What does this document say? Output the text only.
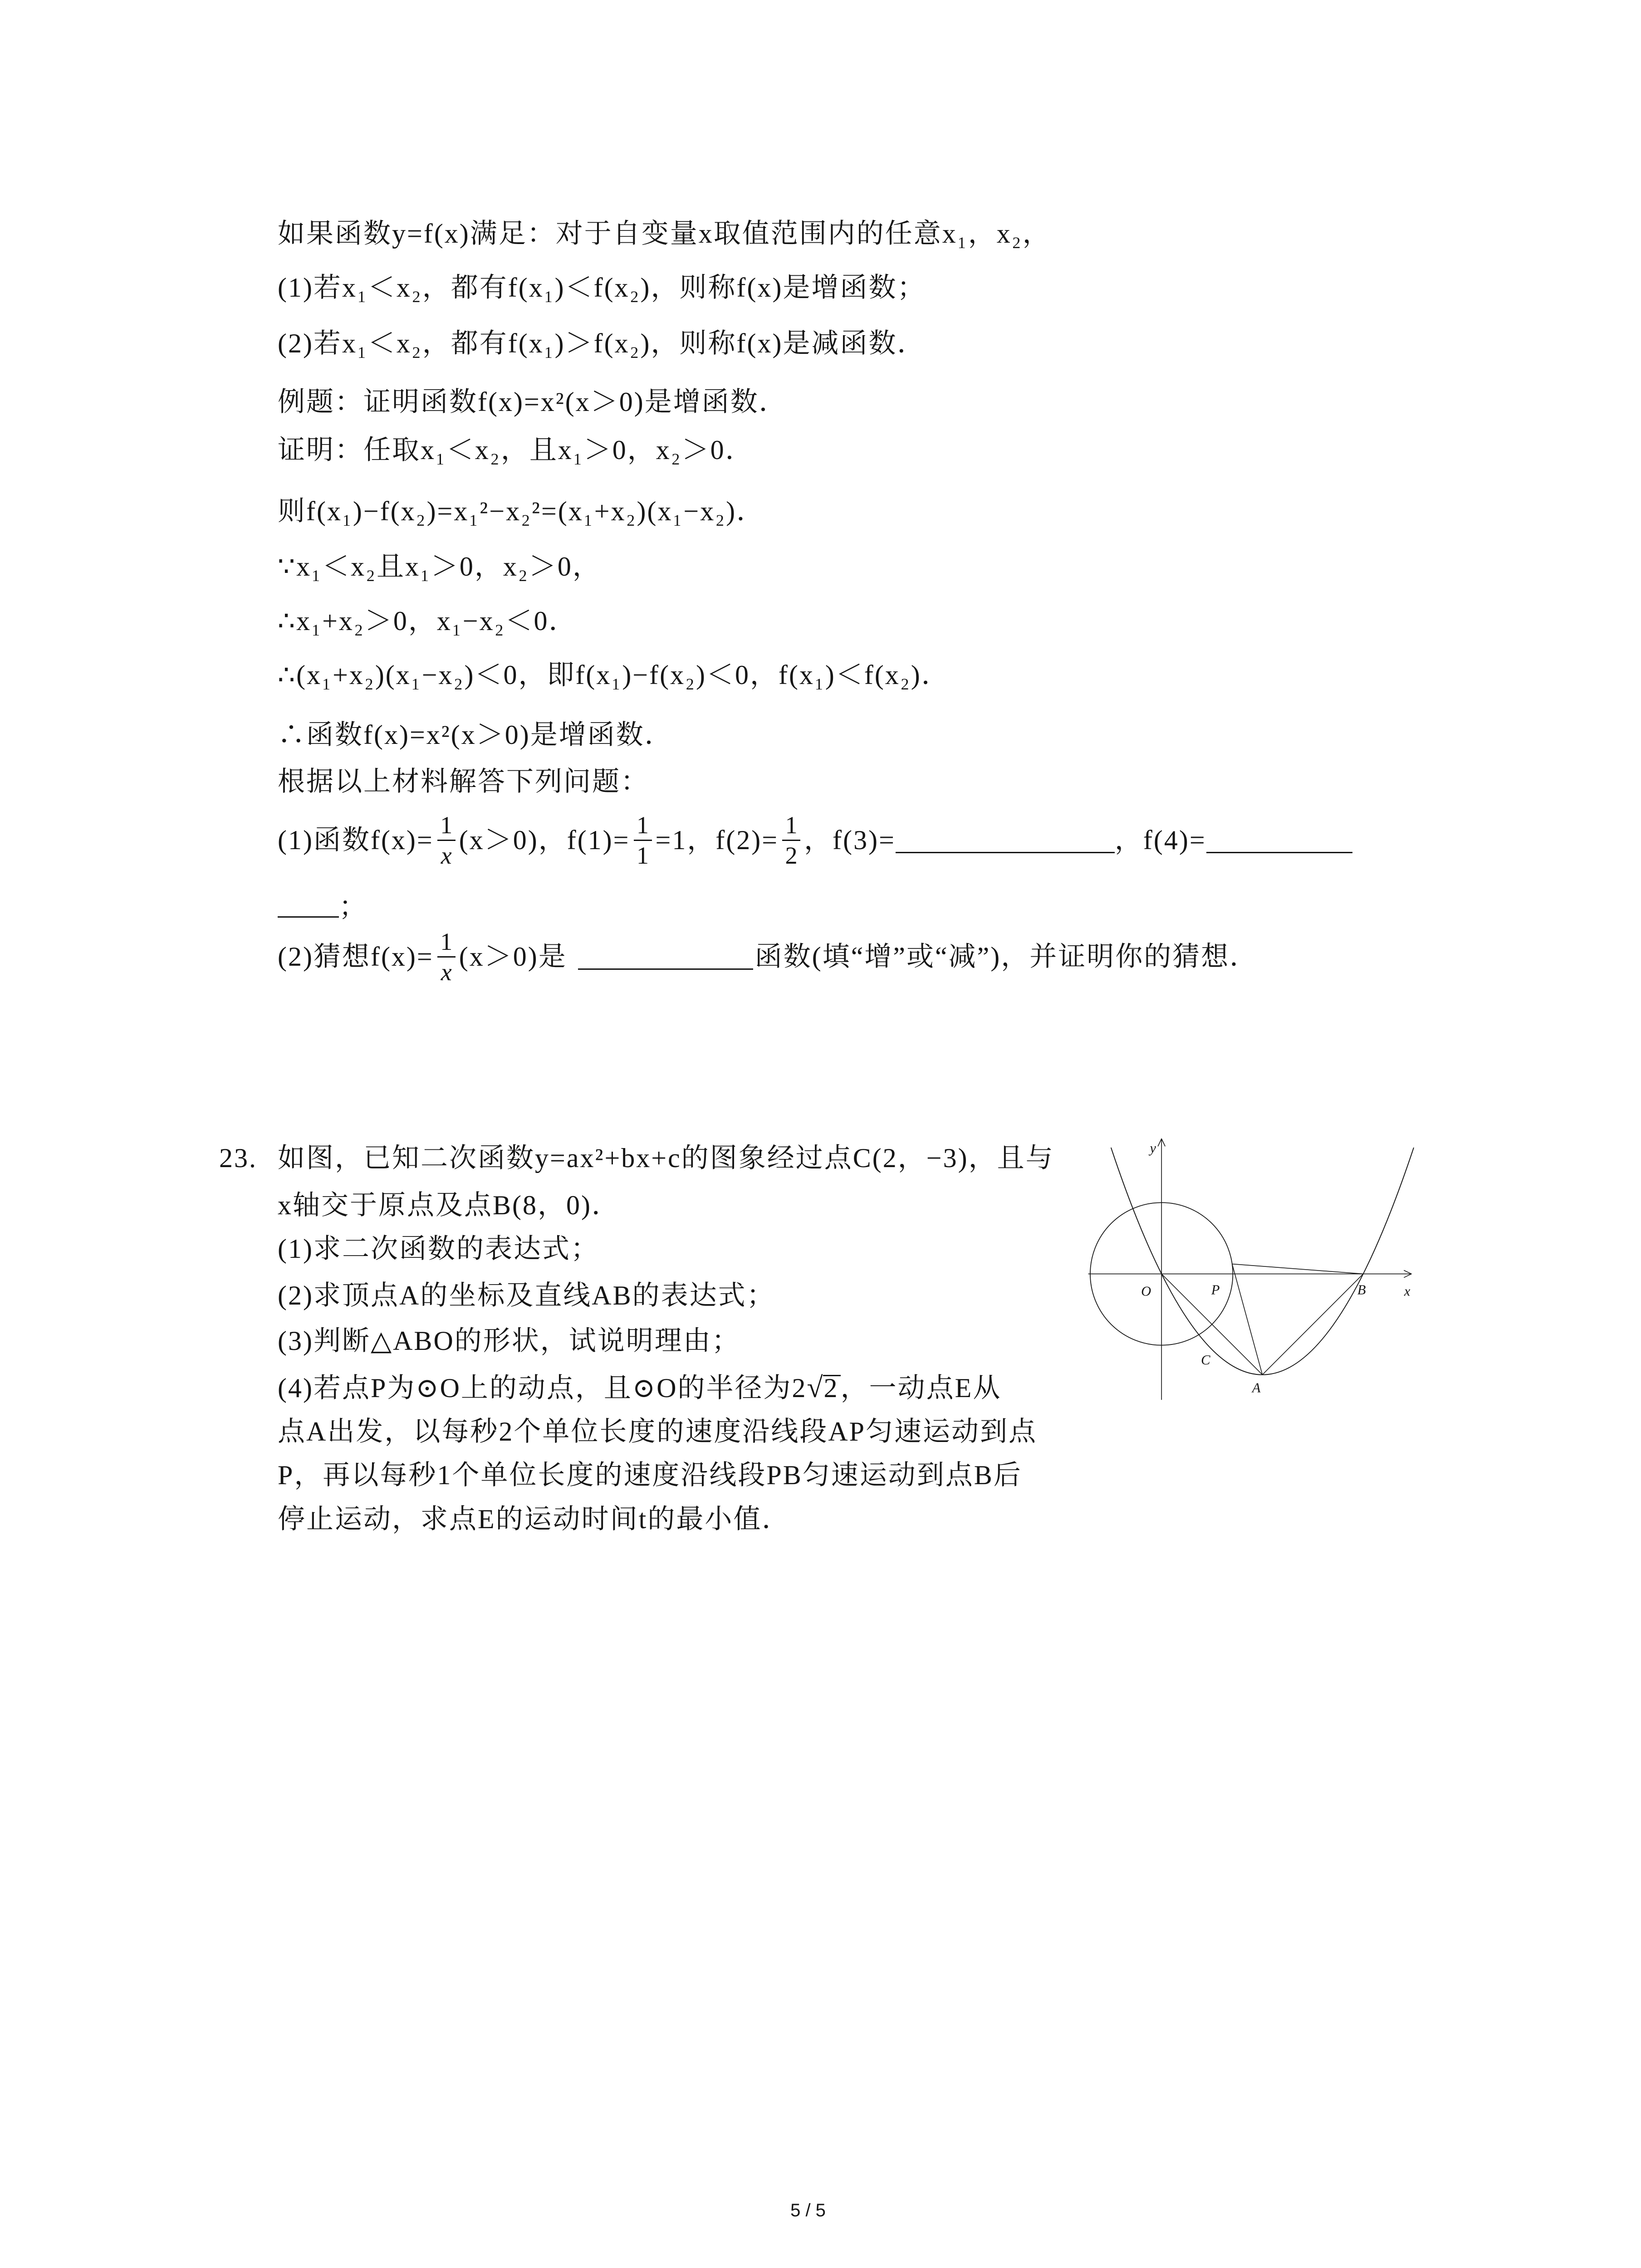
如果函数y=f(x)满足：对于自变量x取值范围内的任意x₁，x₂，
(1)若x₁＜x₂，都有f(x₁)＜f(x₂)，则称f(x)是增函数；
(2)若x₁＜x₂，都有f(x₁)＞f(x₂)，则称f(x)是减函数．
例题：证明函数f(x)=x²(x＞0)是增函数．
证明：任取x₁＜x₂，且x₁＞0，x₂＞0．
则f(x₁)−f(x₂)=x₁²−x₂²=(x₁+x₂)(x₁−x₂)．
∵x₁＜x₂且x₁＞0，x₂＞0，
∴x₁+x₂＞0，x₁−x₂＜0．
∴(x₁+x₂)(x₁−x₂)＜0，即f(x₁)−f(x₂)＜0，f(x₁)＜f(x₂)．
∴函数f(x)=x²(x＞0)是增函数．
根据以上材料解答下列问题：
(1)函数$f(x)= \frac{1}{x} (x>0)$，$f(1)= \frac{1}{1} =1$，$f(2)= \frac{1}{2}$ ，f(3)=	，f(4)=
；
(2)猜想$f(x)= \frac{1}{x} (x>0)$是	函数(填“增”或“减”)，并证明你的猜想．
23. 如图，已知二次函数y=ax²+bx+c的图象经过点C(2，−3)，且与
x轴交于原点及点B(8，0)．
(1)求二次函数的表达式；
(2)求顶点A的坐标及直线AB的表达式；
(3)判断△ABO的形状，试说明理由；
(4)若点P为⊙O上的动点，且⊙O的半径为2√2，一动点E从
点A出发，以每秒2个单位长度的速度沿线段AP匀速运动到点
P，再以每秒1个单位长度的速度沿线段PB匀速运动到点B后
停止运动，求点E的运动时间t的最小值．
y
x
O	P	B
C
A
5 / 5
